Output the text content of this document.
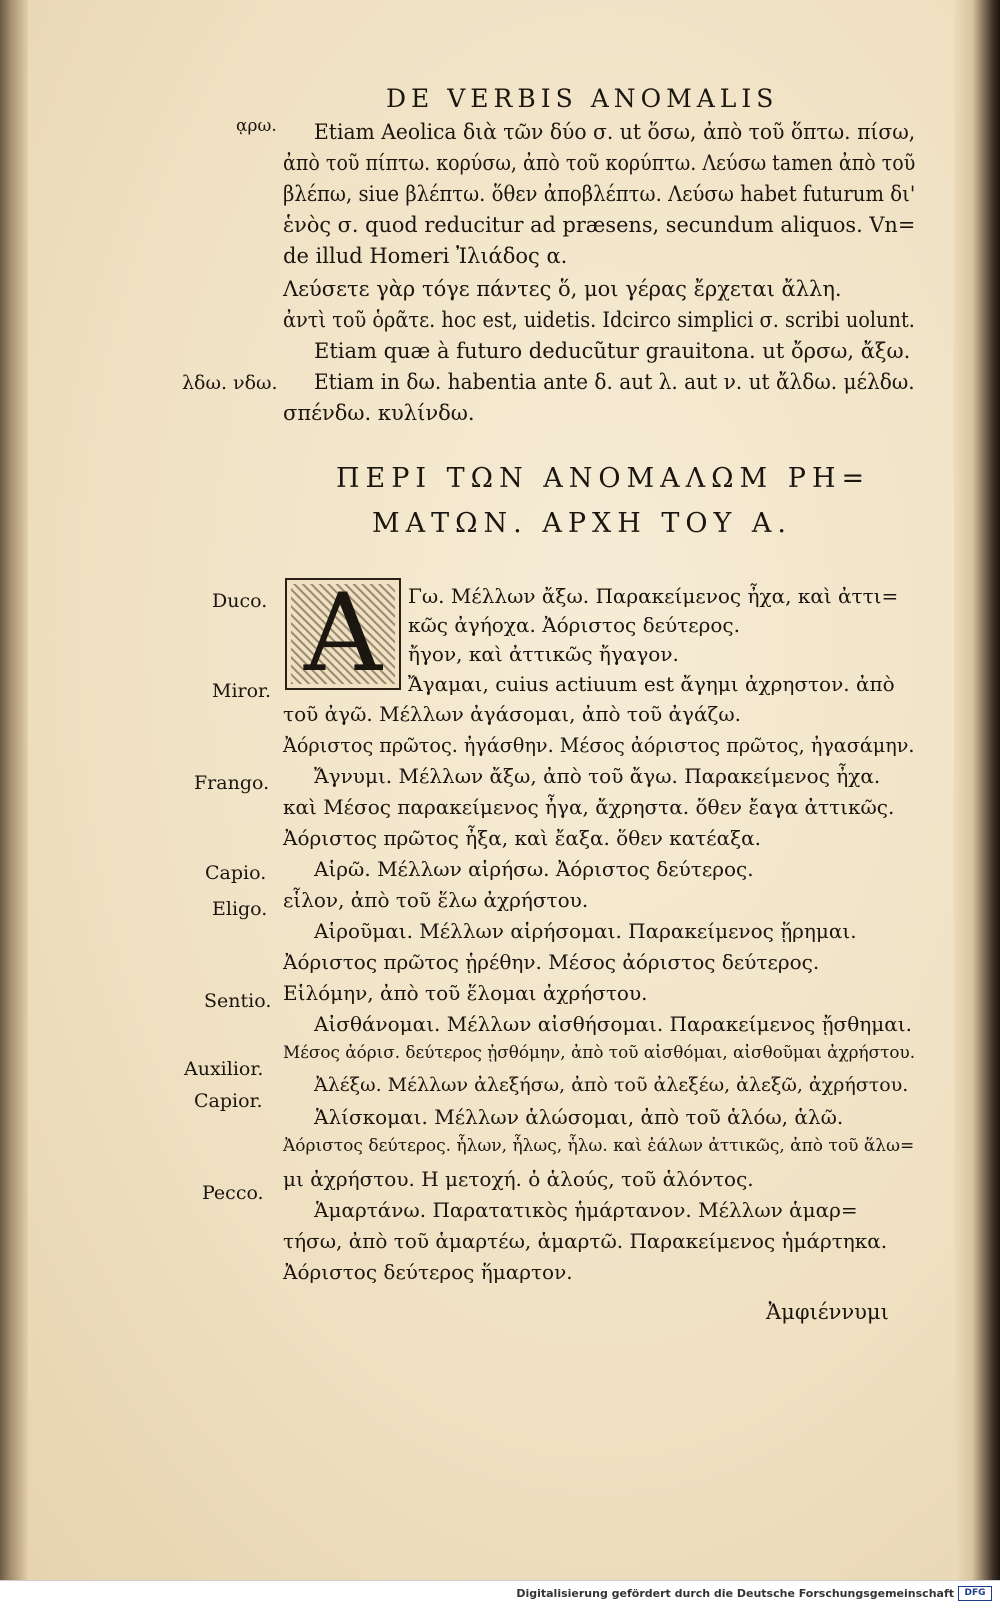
DE VERBIS ANOMALIS
ᾳρω.
λδω. νδω.
Etiam Aeolica διὰ τῶν δύο σ. ut ὅσω, ἀπὸ τοῦ ὅπτω. πίσω,
ἀπὸ τοῦ πίπτω. κορύσω, ἀπὸ τοῦ κορύπτω. Λεύσω tamen ἀπὸ τοῦ
βλέπω, siue βλέπτω. ὅθεν ἀποβλέπτω. Λεύσω habet futurum δι'
ἑνὸς σ. quod reducitur ad præsens, secundum aliquos. Vn=
de illud Homeri Ἰλιάδος α.
Λεύσετε γὰρ τόγε πάντες ὅ, μοι γέρας ἔρχεται ἄλλη.
ἀντὶ τοῦ ὁρᾶτε. hoc est, uidetis. Idcirco simplici σ. scribi uolunt.
Etiam quæ à futuro deducũtur grauitona. ut ὄρσω, ἄξω.
Etiam in δω. habentia ante δ. aut λ. aut ν. ut ἄλδω. μέλδω.
σπένδω. κυλίνδω.
ΠΕΡΙ ΤΩΝ ΑΝΟΜΑΛΩΜ ΡΗ=
ΜΑΤΩΝ. ΑΡΧΗ ΤΟΥ Α.
A
Duco.
Miror.
Frango.
Capio.
Eligo.
Sentio.
Auxilior.
Capior.
Pecco.
Γω. Μέλλων ἄξω. Παρακείμενος ἦχα, καὶ ἀττι=
κῶς ἀγήοχα. Ἀόριστος δεύτερος.
ἤγον, καὶ ἀττικῶς ἤγαγον.
Ἄγαμαι, cuius actiuum est ἄγημι ἀχρηστον. ἀπὸ
τοῦ ἀγῶ. Μέλλων ἀγάσομαι, ἀπὸ τοῦ ἀγάζω.
Ἀόριστος πρῶτος. ἠγάσθην. Μέσος ἀόριστος πρῶτος, ἠγασάμην.
Ἄγνυμι. Μέλλων ἄξω, ἀπὸ τοῦ ἄγω. Παρακείμενος ἦχα.
καὶ Μέσος παρακείμενος ἦγα, ἄχρηστα. ὅθεν ἔαγα ἀττικῶς.
Ἀόριστος πρῶτος ἦξα, καὶ ἔαξα. ὅθεν κατέαξα.
Αἱρῶ. Μέλλων αἱρήσω. Ἀόριστος δεύτερος.
εἷλον, ἀπὸ τοῦ ἕλω ἀχρήστου.
Αἱροῦμαι. Μέλλων αἱρήσομαι. Παρακείμενος ᾕρημαι.
Ἀόριστος πρῶτος ᾑρέθην. Μέσος ἀόριστος δεύτερος.
Εἱλόμην, ἀπὸ τοῦ ἕλομαι ἀχρήστου.
Αἰσθάνομαι. Μέλλων αἰσθήσομαι. Παρακείμενος ᾔσθημαι.
Μέσος ἀόρισ. δεύτερος ᾐσθόμην, ἀπὸ τοῦ αἰσθόμαι, αἰσθοῦμαι ἀχρήστου.
Ἀλέξω. Μέλλων ἀλεξήσω, ἀπὸ τοῦ ἀλεξέω, ἀλεξῶ, ἀχρήστου.
Ἁλίσκομαι. Μέλλων ἁλώσομαι, ἀπὸ τοῦ ἁλόω, ἁλῶ.
Ἀόριστος δεύτερος. ἧλων, ἧλως, ἧλω. καὶ ἑάλων ἀττικῶς, ἀπὸ τοῦ ἅλω=
μι ἀχρήστου. Η μετοχή. ὁ ἁλούς, τοῦ ἁλόντος.
Ἁμαρτάνω. Παρατατικὸς ἡμάρτανον. Μέλλων ἁμαρ=
τήσω, ἀπὸ τοῦ ἁμαρτέω, ἁμαρτῶ. Παρακείμενος ἡμάρτηκα.
Ἀόριστος δεύτερος ἥμαρτον.
Ἀμφιέννυμι
Digitalisierung gefördert durch die Deutsche Forschungsgemeinschaft	DFG
